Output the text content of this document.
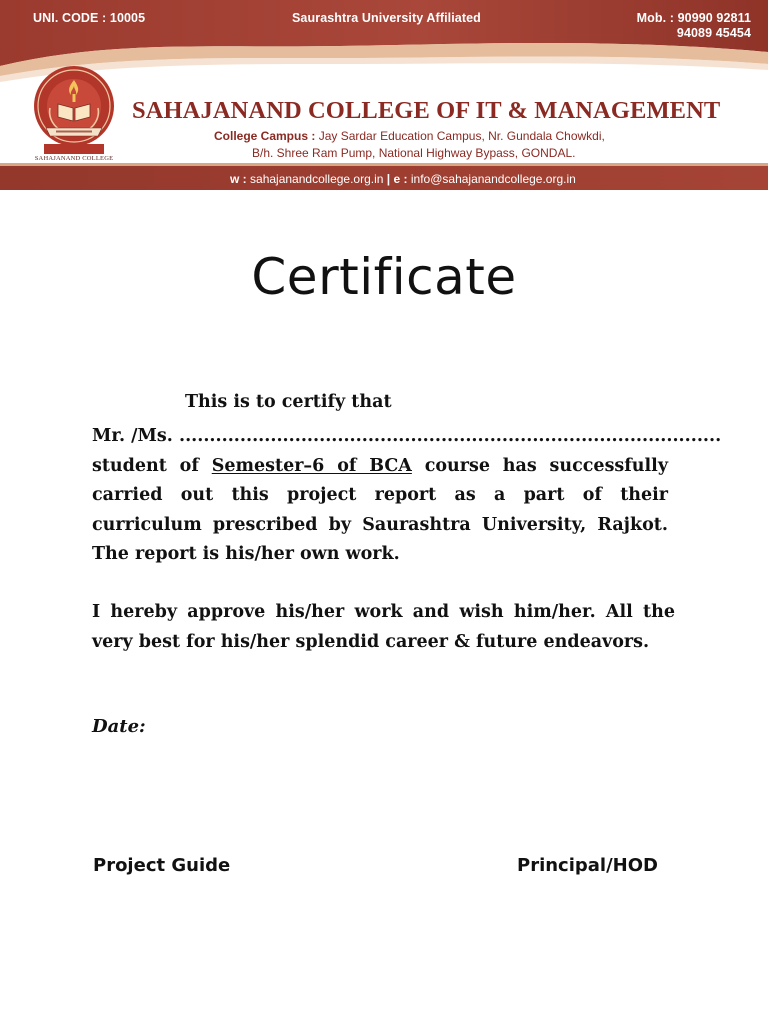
UNI. CODE : 10005	Saurashtra University Affiliated	Mob. : 90990 92811
94089 45454
SAHAJANAND COLLEGE
SAHAJANAND COLLEGE OF IT & MANAGEMENT
College Campus : Jay Sardar Education Campus, Nr. Gundala Chowkdi,
B/h. Shree Ram Pump, National Highway Bypass, GONDAL.
w : sahajanandcollege.org.in | e : info@sahajanandcollege.org.in
Certificate
This is to certify that
Mr. /Ms. .........................................................................................
student of Semester–6 of BCA course has successfully carried out this project report as a part of their curriculum prescribed by Saurashtra University, Rajkot. The report is his/her own work.
I hereby approve his/her work and wish him/her. All the very best for his/her splendid career & future endeavors.
Date:
Project Guide	Principal/HOD
